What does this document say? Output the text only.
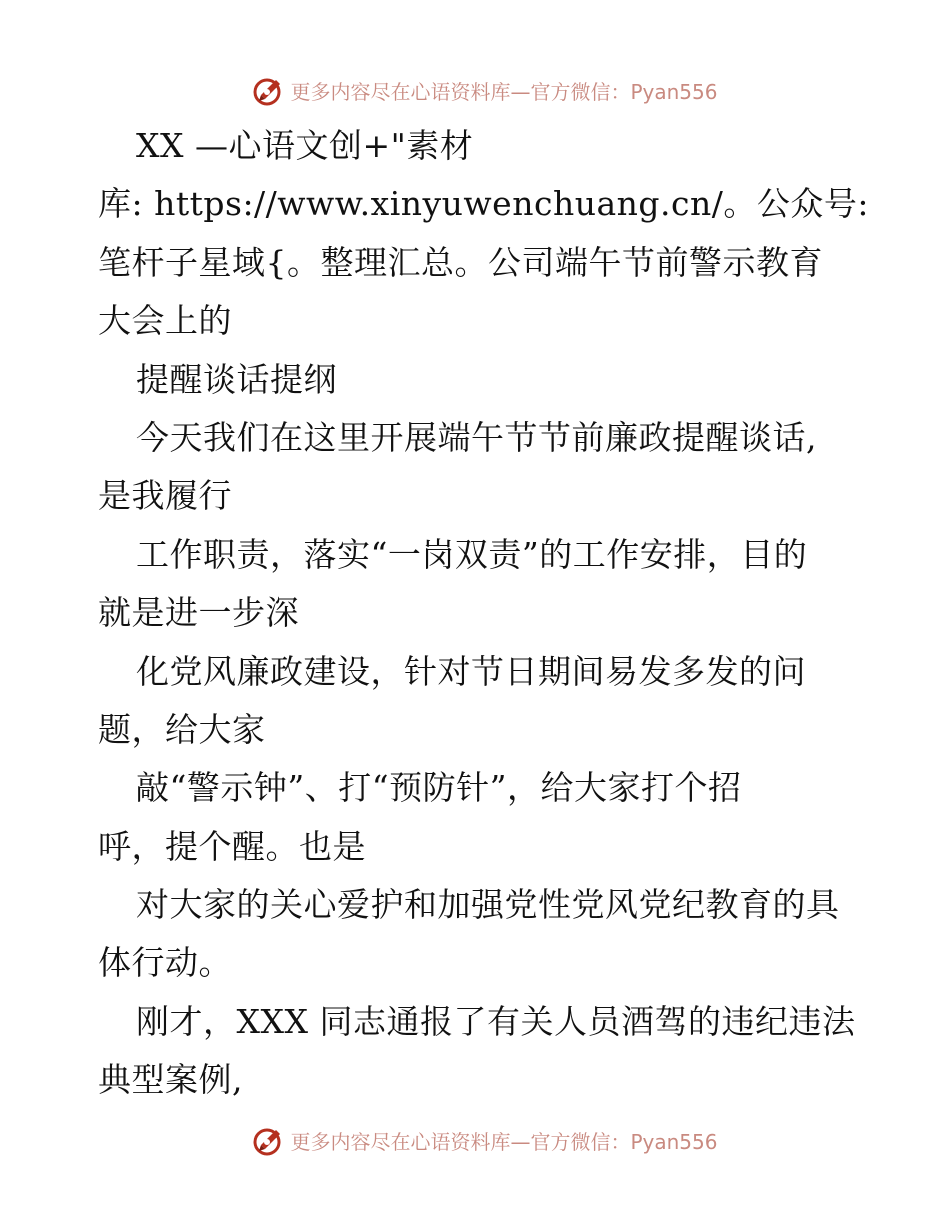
更多内容尽在心语资料库—官方微信：Pyan556
XX —心语文创+"素材
库: https://www.xinyuwenchuang.cn/。公众号:
笔杆子星域{。整理汇总。公司端午节前警示教育
大会上的
提醒谈话提纲
今天我们在这里开展端午节节前廉政提醒谈话,
是我履行
工作职责，落实“一岗双责”的工作安排，目的
就是进一步深
化党风廉政建设，针对节日期间易发多发的问
题，给大家
敲“警示钟”、打“预防针”，给大家打个招
呼，提个醒。也是
对大家的关心爱护和加强党性党风党纪教育的具
体行动。
刚才，XXX 同志通报了有关人员酒驾的违纪违法
典型案例,
更多内容尽在心语资料库—官方微信：Pyan556
